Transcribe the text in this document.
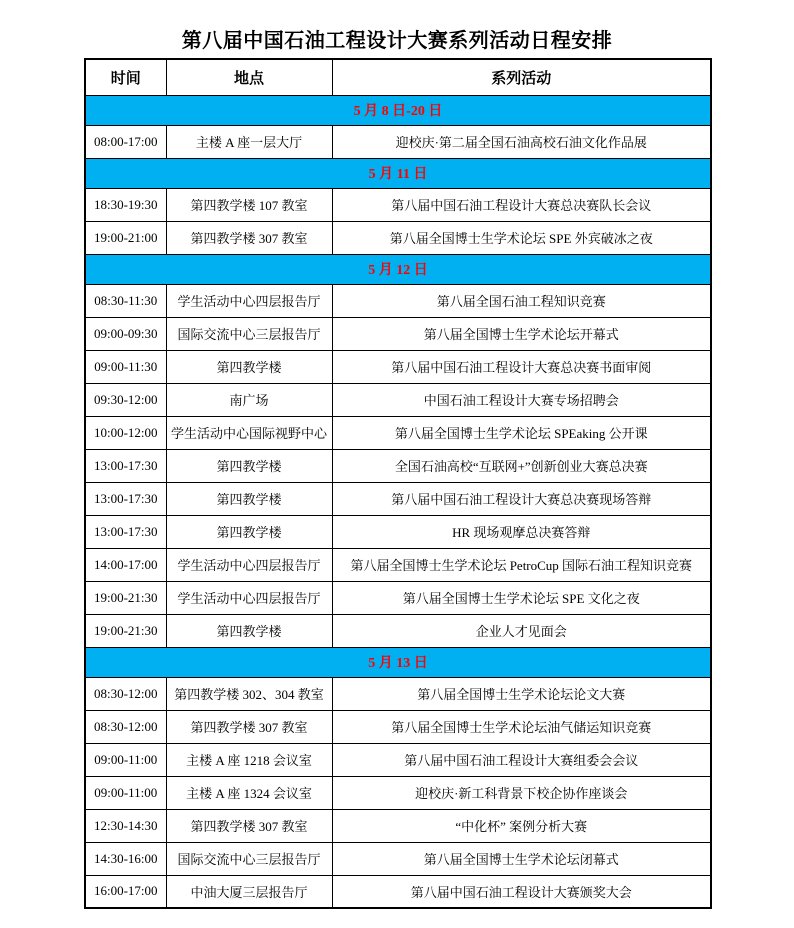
第八届中国石油工程设计大赛系列活动日程安排
时间	地点	系列活动
5 月 8 日-20 日		
08:00-17:00	主楼 A 座一层大厅	迎校庆·第二届全国石油高校石油文化作品展
5 月 11 日		
18:30-19:30	第四教学楼 107 教室	第八届中国石油工程设计大赛总决赛队长会议
19:00-21:00	第四教学楼 307 教室	第八届全国博士生学术论坛 SPE 外宾破冰之夜
5 月 12 日		
08:30-11:30	学生活动中心四层报告厅	第八届全国石油工程知识竞赛
09:00-09:30	国际交流中心三层报告厅	第八届全国博士生学术论坛开幕式
09:00-11:30	第四教学楼	第八届中国石油工程设计大赛总决赛书面审阅
09:30-12:00	南广场	中国石油工程设计大赛专场招聘会
10:00-12:00	学生活动中心国际视野中心	第八届全国博士生学术论坛 SPEaking 公开课
13:00-17:30	第四教学楼	全国石油高校“互联网+”创新创业大赛总决赛
13:00-17:30	第四教学楼	第八届中国石油工程设计大赛总决赛现场答辩
13:00-17:30	第四教学楼	HR 现场观摩总决赛答辩
14:00-17:00	学生活动中心四层报告厅	第八届全国博士生学术论坛 PetroCup 国际石油工程知识竞赛
19:00-21:30	学生活动中心四层报告厅	第八届全国博士生学术论坛 SPE 文化之夜
19:00-21:30	第四教学楼	企业人才见面会
5 月 13 日		
08:30-12:00	第四教学楼 302、304 教室	第八届全国博士生学术论坛论文大赛
08:30-12:00	第四教学楼 307 教室	第八届全国博士生学术论坛油气储运知识竞赛
09:00-11:00	主楼 A 座 1218 会议室	第八届中国石油工程设计大赛组委会会议
09:00-11:00	主楼 A 座 1324 会议室	迎校庆·新工科背景下校企协作座谈会
12:30-14:30	第四教学楼 307 教室	“中化杯” 案例分析大赛
14:30-16:00	国际交流中心三层报告厅	第八届全国博士生学术论坛闭幕式
16:00-17:00	中油大厦三层报告厅	第八届中国石油工程设计大赛颁奖大会
